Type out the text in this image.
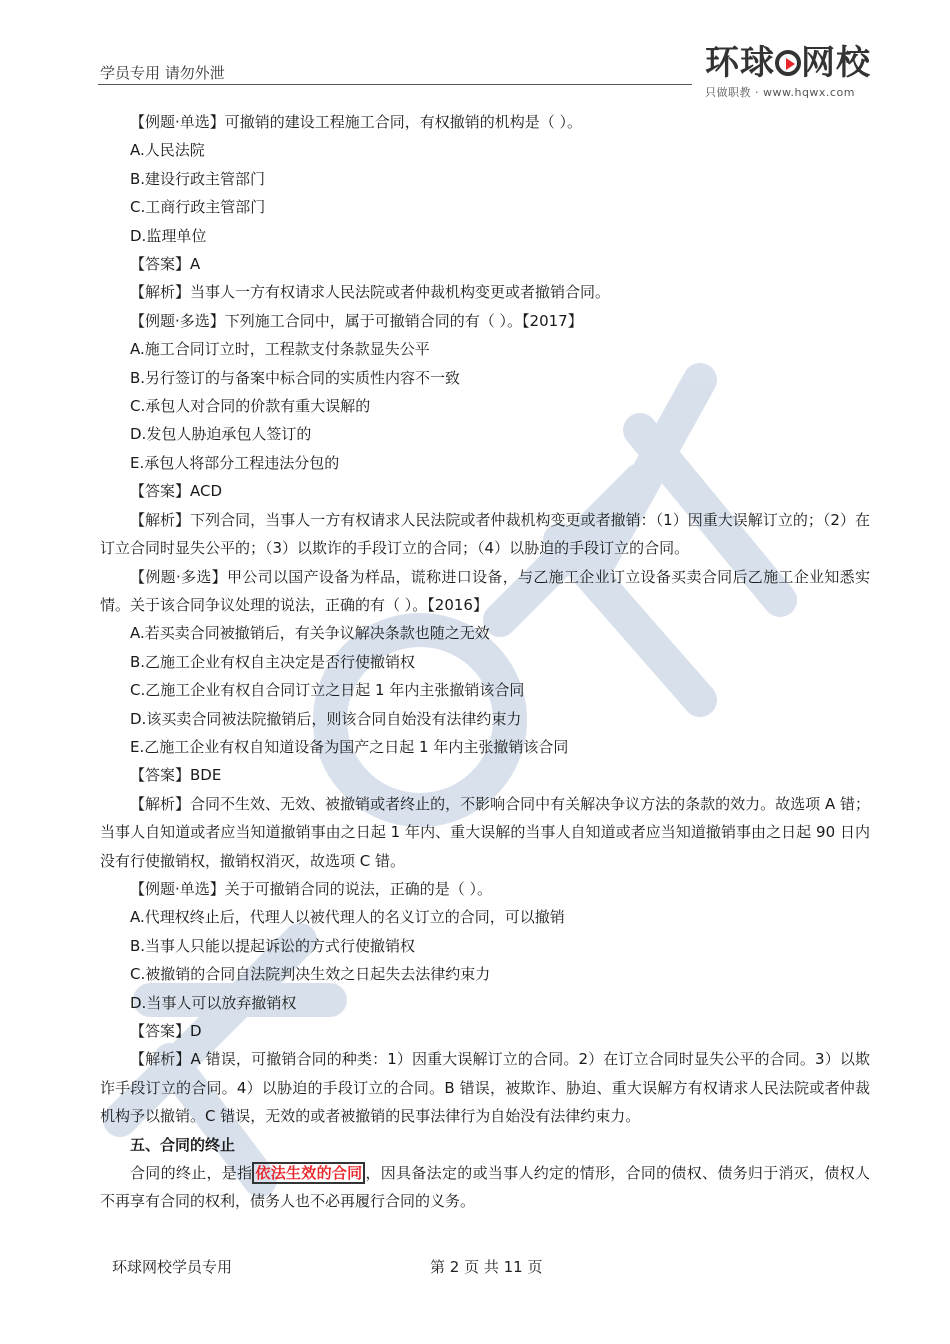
学员专用 请勿外泄	环球 网校
只做职教 · www.hqwx.com

【例题·单选】可撤销的建设工程施工合同，有权撤销的机构是（ ）。

A.人民法院

B.建设行政主管部门

C.工商行政主管部门

D.监理单位

【答案】A

【解析】当事人一方有权请求人民法院或者仲裁机构变更或者撤销合同。

【例题·多选】下列施工合同中，属于可撤销合同的有（ ）。【2017】

A.施工合同订立时，工程款支付条款显失公平

B.另行签订的与备案中标合同的实质性内容不一致

C.承包人对合同的价款有重大误解的

D.发包人胁迫承包人签订的

E.承包人将部分工程违法分包的

【答案】ACD

【解析】下列合同，当事人一方有权请求人民法院或者仲裁机构变更或者撤销：（1）因重大误解订立的；（2）在订立合同时显失公平的；（3）以欺诈的手段订立的合同；（4）以胁迫的手段订立的合同。

【例题·多选】甲公司以国产设备为样品，谎称进口设备，与乙施工企业订立设备买卖合同后乙施工企业知悉实情。关于该合同争议处理的说法，正确的有（ ）。【2016】

A.若买卖合同被撤销后，有关争议解决条款也随之无效

B.乙施工企业有权自主决定是否行使撤销权

C.乙施工企业有权自合同订立之日起 1 年内主张撤销该合同

D.该买卖合同被法院撤销后，则该合同自始没有法律约束力

E.乙施工企业有权自知道设备为国产之日起 1 年内主张撤销该合同

【答案】BDE

【解析】合同不生效、无效、被撤销或者终止的，不影响合同中有关解决争议方法的条款的效力。故选项 A 错；当事人自知道或者应当知道撤销事由之日起 1 年内、重大误解的当事人自知道或者应当知道撤销事由之日起 90 日内没有行使撤销权，撤销权消灭，故选项 C 错。

【例题·单选】关于可撤销合同的说法，正确的是（ ）。

A.代理权终止后，代理人以被代理人的名义订立的合同，可以撤销

B.当事人只能以提起诉讼的方式行使撤销权

C.被撤销的合同自法院判决生效之日起失去法律约束力

D.当事人可以放弃撤销权

【答案】D

【解析】A 错误，可撤销合同的种类：1）因重大误解订立的合同。2）在订立合同时显失公平的合同。3）以欺诈手段订立的合同。4）以胁迫的手段订立的合同。B 错误，被欺诈、胁迫、重大误解方有权请求人民法院或者仲裁机构予以撤销。C 错误，无效的或者被撤销的民事法律行为自始没有法律约束力。

五、合同的终止

合同的终止，是指 依法生效的合同 ，因具备法定的或当事人约定的情形，合同的债权、债务归于消灭，债权人不再享有合同的权利，债务人也不必再履行合同的义务。

环球网校学员专用	第 2 页 共 11 页
